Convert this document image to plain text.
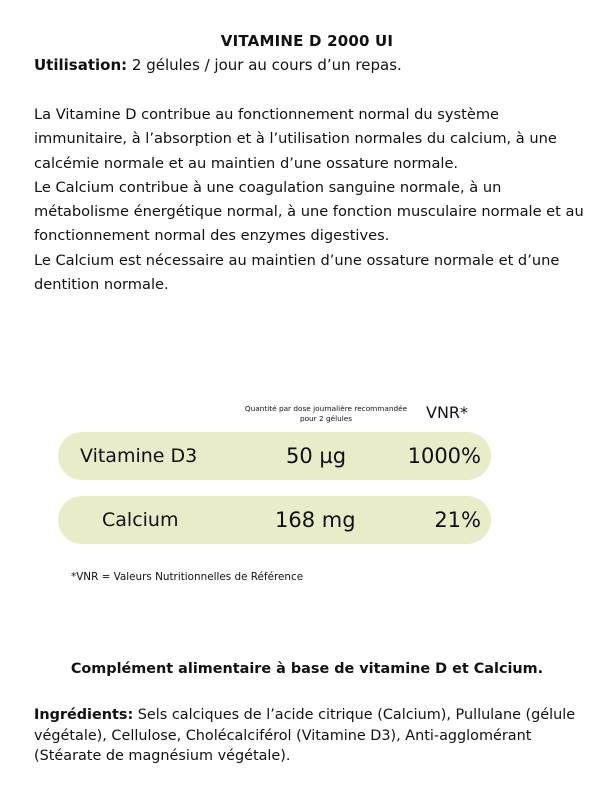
VITAMINE D 2000 UI
Utilisation: 2 gélules / jour au cours d’un repas.

La Vitamine D contribue au fonctionnement normal du système immunitaire, à l’absorption et à l’utilisation normales du calcium, à une calcémie normale et au maintien d’une ossature normale.

Le Calcium contribue à une coagulation sanguine normale, à un métabolisme énergétique normal, à une fonction musculaire normale et au fonctionnement normal des enzymes digestives.

Le Calcium est nécessaire au maintien d’une ossature normale et d’une dentition normale.

Quantité par dose journalière recommandée
pour 2 gélules	VNR*
Vitamine D3	50 µg	1000%
Calcium	168 mg	21%
*VNR = Valeurs Nutritionnelles de Référence
Complément alimentaire à base de vitamine D et Calcium.
Ingrédients: Sels calciques de l’acide citrique (Calcium), Pullulane (gélule végétale), Cellulose, Cholécalciférol (Vitamine D3), Anti-agglomérant (Stéarate de magnésium végétale).
